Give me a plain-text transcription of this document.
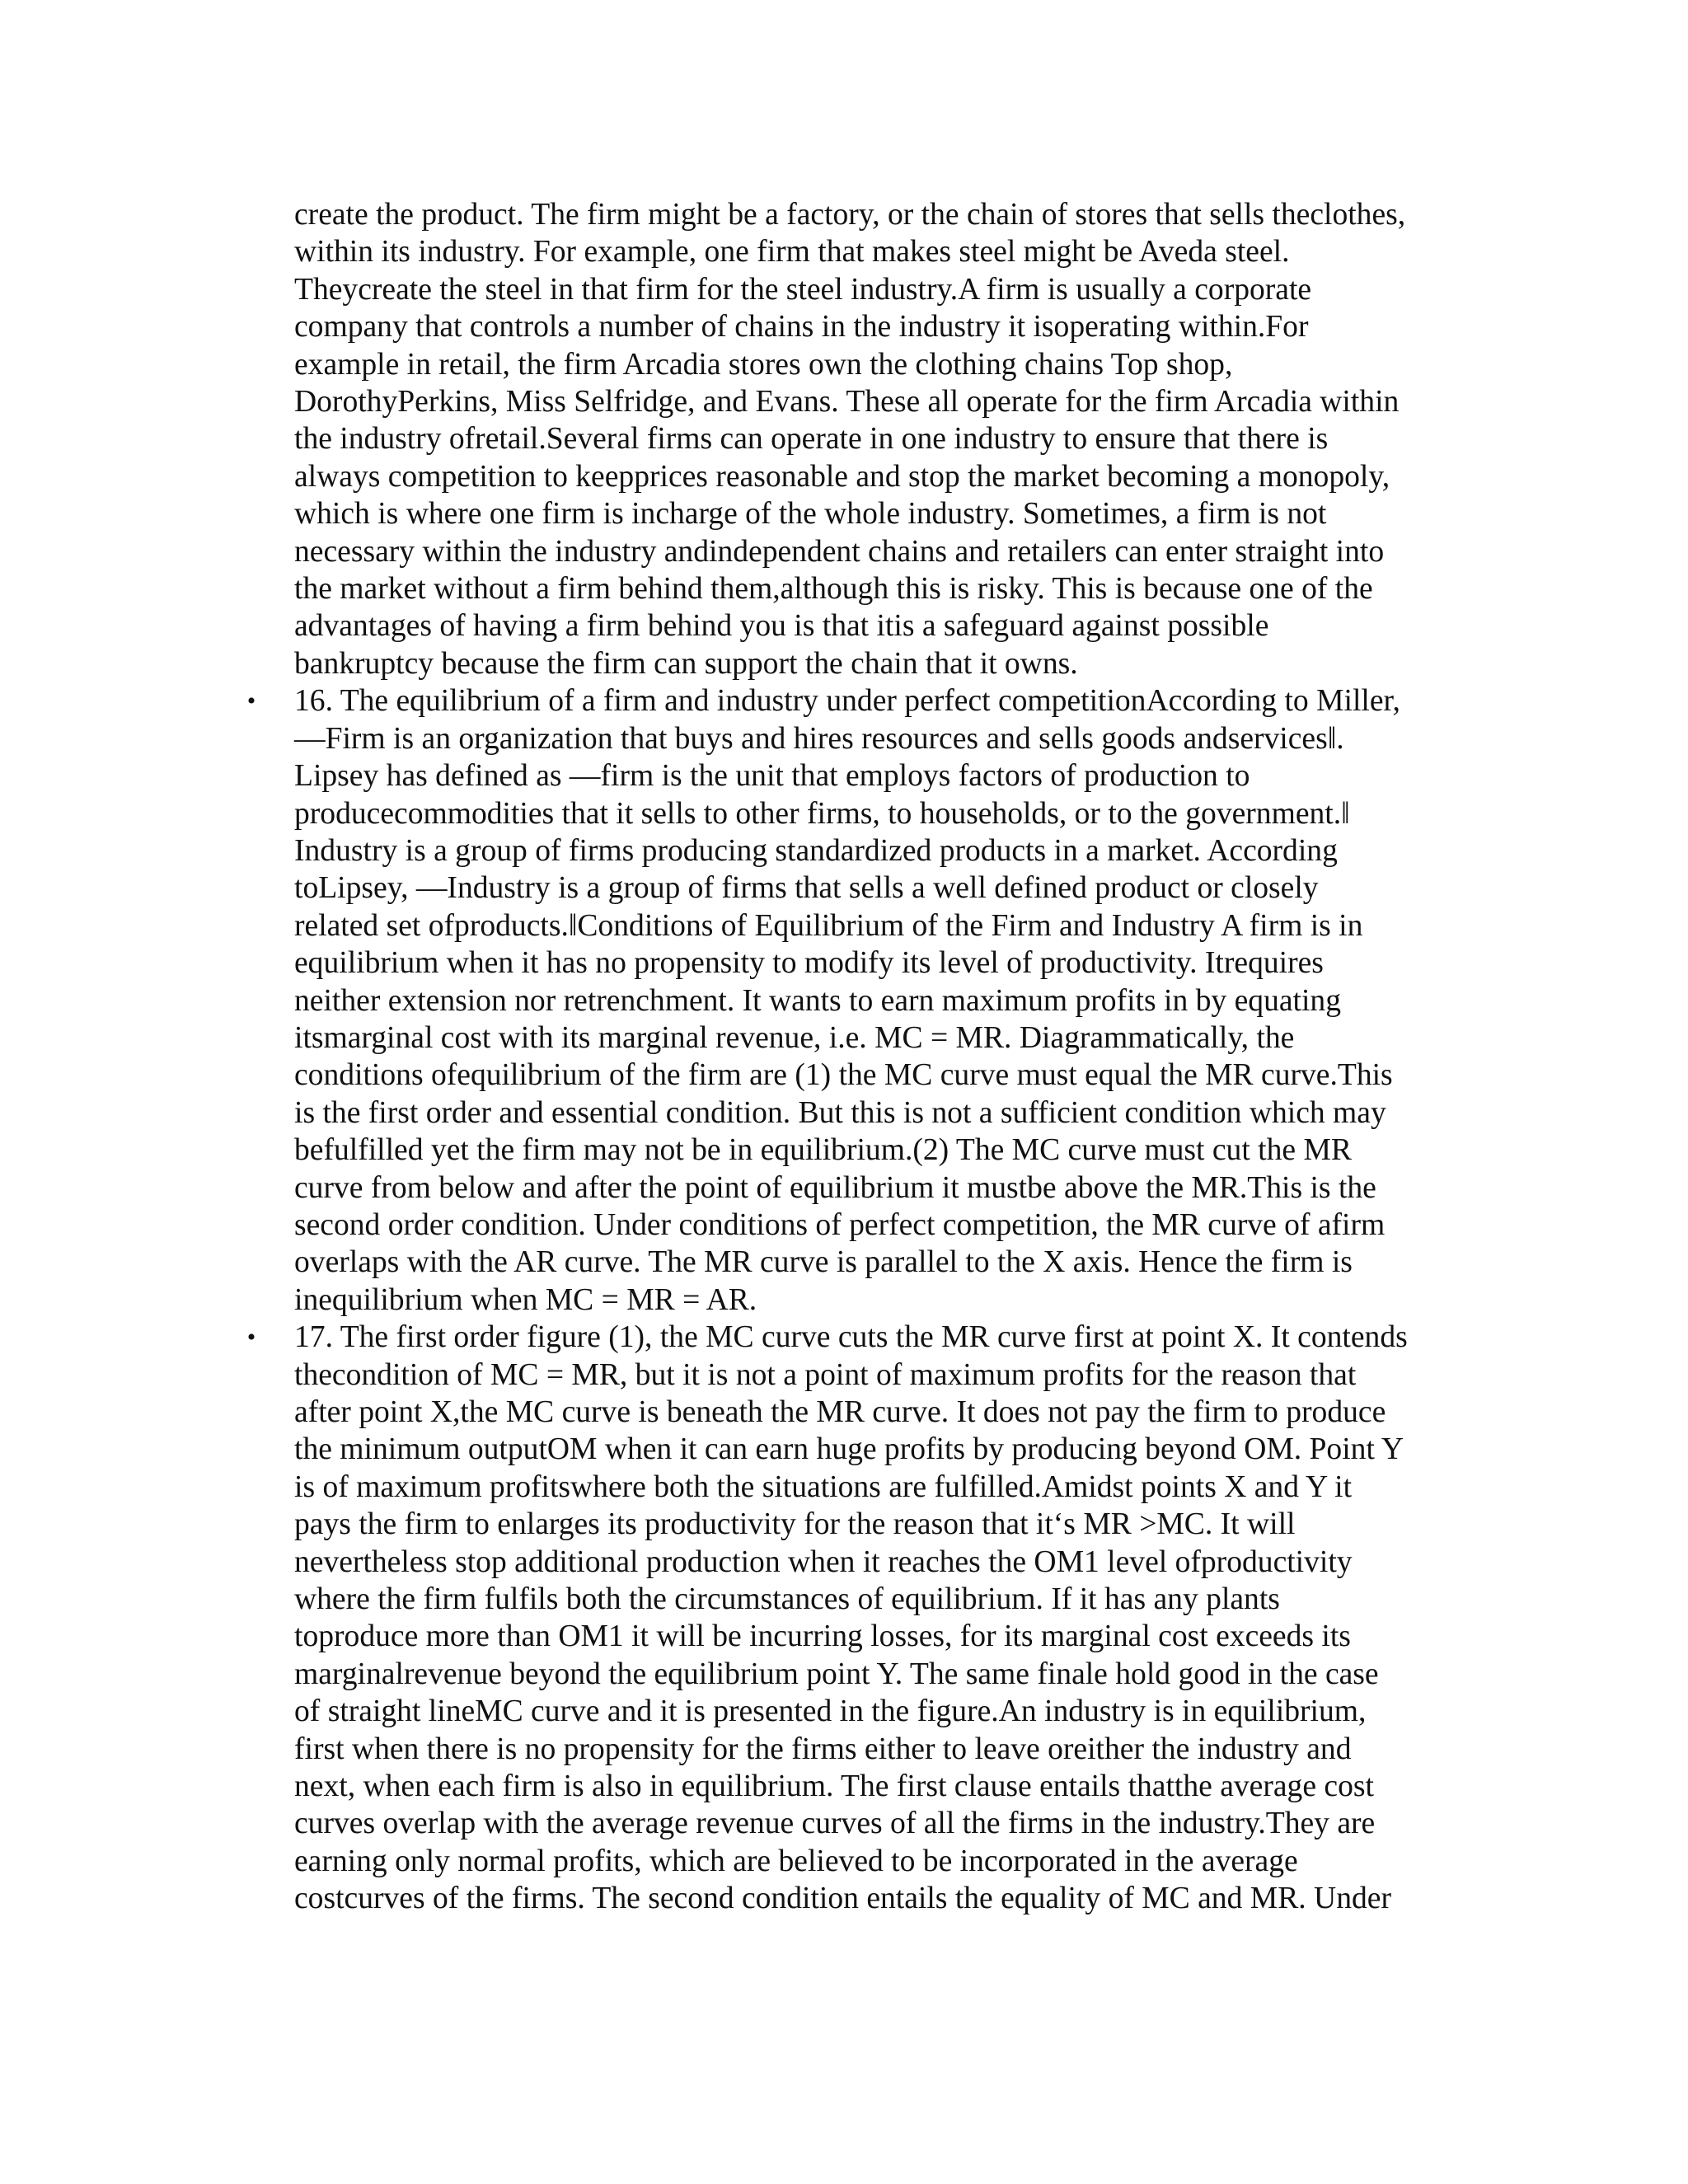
create the product. The firm might be a factory, or the chain of stores that sells theclothes,
within its industry. For example, one firm that makes steel might be Aveda steel.
Theycreate the steel in that firm for the steel industry.A firm is usually a corporate
company that controls a number of chains in the industry it isoperating within.For
example in retail, the firm Arcadia stores own the clothing chains Top shop,
DorothyPerkins, Miss Selfridge, and Evans. These all operate for the firm Arcadia within
the industry ofretail.Several firms can operate in one industry to ensure that there is
always competition to keepprices reasonable and stop the market becoming a monopoly,
which is where one firm is incharge of the whole industry. Sometimes, a firm is not
necessary within the industry andindependent chains and retailers can enter straight into
the market without a firm behind them,although this is risky. This is because one of the
advantages of having a firm behind you is that itis a safeguard against possible
bankruptcy because the firm can support the chain that it owns.
• 16. The equilibrium of a firm and industry under perfect competitionAccording to Miller,
―Firm is an organization that buys and hires resources and sells goods andservices‖.
Lipsey has defined as ―firm is the unit that employs factors of production to
producecommodities that it sells to other firms, to households, or to the government.‖
Industry is a group of firms producing standardized products in a market. According
toLipsey, ―Industry is a group of firms that sells a well defined product or closely
related set ofproducts.‖Conditions of Equilibrium of the Firm and Industry A firm is in
equilibrium when it has no propensity to modify its level of productivity. Itrequires
neither extension nor retrenchment. It wants to earn maximum profits in by equating
itsmarginal cost with its marginal revenue, i.e. MC = MR. Diagrammatically, the
conditions ofequilibrium of the firm are (1) the MC curve must equal the MR curve.This
is the first order and essential condition. But this is not a sufficient condition which may
befulfilled yet the firm may not be in equilibrium.(2) The MC curve must cut the MR
curve from below and after the point of equilibrium it mustbe above the MR.This is the
second order condition. Under conditions of perfect competition, the MR curve of afirm
overlaps with the AR curve. The MR curve is parallel to the X axis. Hence the firm is
inequilibrium when MC = MR = AR.
• 17. The first order figure (1), the MC curve cuts the MR curve first at point X. It contends
thecondition of MC = MR, but it is not a point of maximum profits for the reason that
after point X,the MC curve is beneath the MR curve. It does not pay the firm to produce
the minimum outputOM when it can earn huge profits by producing beyond OM. Point Y
is of maximum profitswhere both the situations are fulfilled.Amidst points X and Y it
pays the firm to enlarges its productivity for the reason that it‘s MR >MC. It will
nevertheless stop additional production when it reaches the OM1 level ofproductivity
where the firm fulfils both the circumstances of equilibrium. If it has any plants
toproduce more than OM1 it will be incurring losses, for its marginal cost exceeds its
marginalrevenue beyond the equilibrium point Y. The same finale hold good in the case
of straight lineMC curve and it is presented in the figure.An industry is in equilibrium,
first when there is no propensity for the firms either to leave oreither the industry and
next, when each firm is also in equilibrium. The first clause entails thatthe average cost
curves overlap with the average revenue curves of all the firms in the industry.They are
earning only normal profits, which are believed to be incorporated in the average
costcurves of the firms. The second condition entails the equality of MC and MR. Under
